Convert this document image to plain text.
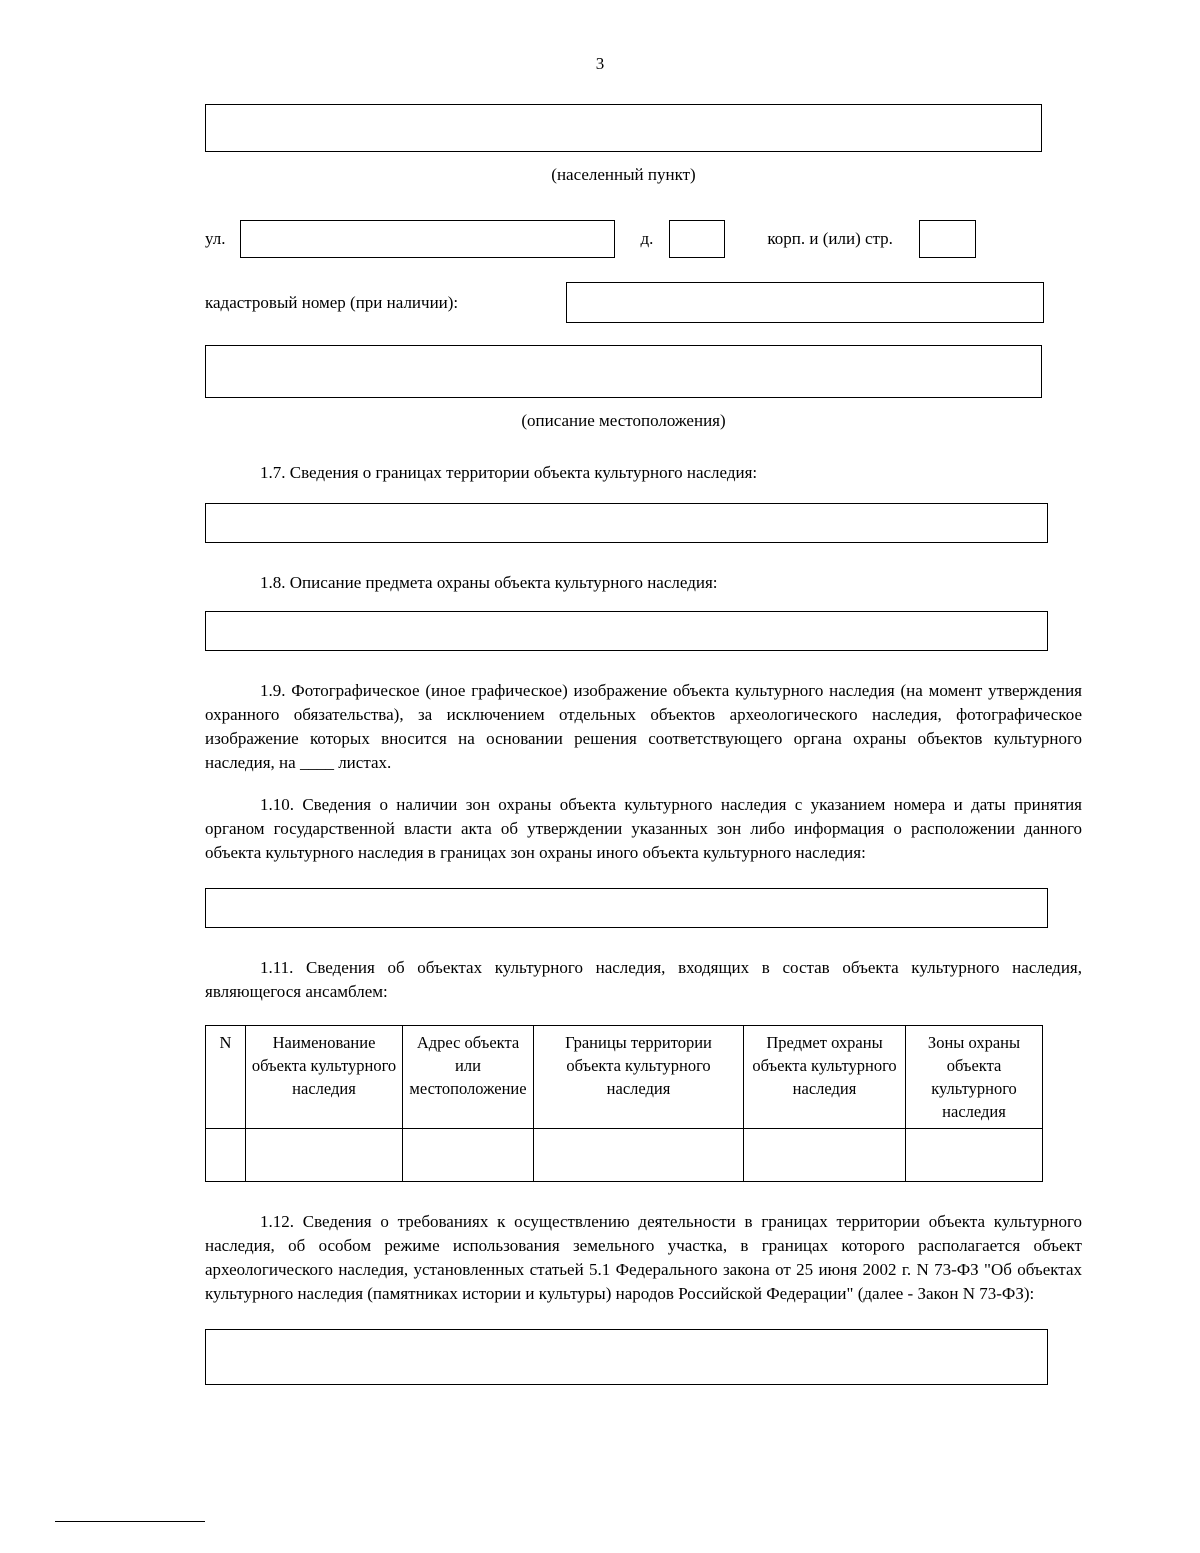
3
(населенный пункт)
ул.	д.	корп. и (или) стр.
кадастровый номер (при наличии):
(описание местоположения)

1.7. Сведения о границах территории объекта культурного наследия:

1.8. Описание предмета охраны объекта культурного наследия:

1.9. Фотографическое (иное графическое) изображение объекта культурного наследия (на момент утверждения охранного обязательства), за исключением отдельных объектов археологического наследия, фотографическое изображение которых вносится на основании решения соответствующего органа охраны объектов культурного наследия, на ____ листах.

1.10. Сведения о наличии зон охраны объекта культурного наследия с указанием номера и даты принятия органом государственной власти акта об утверждении указанных зон либо информация о расположении данного объекта культурного наследия в границах зон охраны иного объекта культурного наследия:

1.11. Сведения об объектах культурного наследия, входящих в состав объекта культурного наследия, являющегося ансамблем:

N	Наименование объекта культурного наследия	Адрес объекта или местоположение	Границы территории объекта культурного наследия	Предмет охраны объекта культурного наследия	Зоны охраны объекта культурного наследия

1.12. Сведения о требованиях к осуществлению деятельности в границах территории объекта культурного наследия, об особом режиме использования земельного участка, в границах которого располагается объект археологического наследия, установленных статьей 5.1 Федерального закона от 25 июня 2002 г. N 73-ФЗ "Об объектах культурного наследия (памятниках истории и культуры) народов Российской Федерации" (далее - Закон N 73-ФЗ):
